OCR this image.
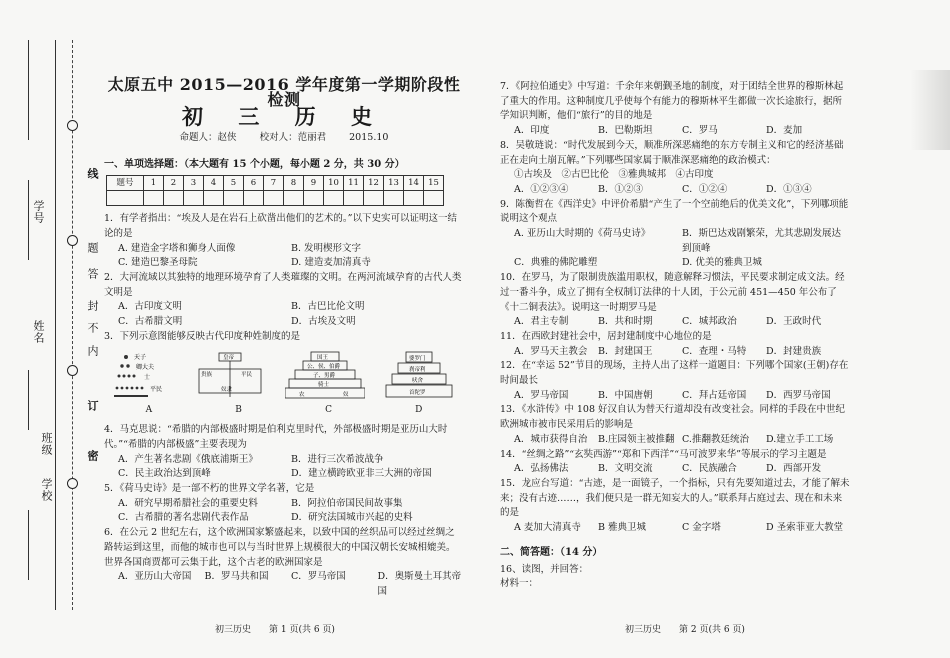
学号
姓名
班级
学校
线
订
密
题
答
封
不
内
太原五中 2015—2016 学年度第一学期阶段性检测
初 三 历 史
命题人：赵侠 校对人：范丽君 2015.10
一、单项选择题：（本大题有 15 个小题，每小题 2 分，共 30 分）
题号	1	2	3	4	5	6	7	8	9	10	11	12	13	14	15

1．有学者指出：“埃及人是在岩石上砍凿出他们的艺术的。”以下史实可以证明这一结论的是
A. 建造金字塔和狮身人面像	B. 发明楔形文字
C. 建造巴黎圣母院	D. 建造麦加清真寺
2．大河流域以其独特的地理环境孕育了人类璀璨的文明。在两河流域孕育的古代人类文明是
A．古印度文明	B．古巴比伦文明
C．古希腊文明	D．古埃及文明
3．下列示意图能够反映古代印度种姓制度的是
天子
卿大夫
士
平民
皇帝
贵族	平民
奴隶
国王
公、侯、伯爵
子、男爵
骑士
农	奴
婆罗门
刹帝利
吠舍
首陀罗
A	B	C	D
4．马克思说：“希腊的内部极盛时期是伯利克里时代，外部极盛时期是亚历山大时代。”“希腊的内部极盛”主要表现为
A．产生著名悲剧《俄底浦斯王》	B．进行三次希波战争
C．民主政治达到顶峰	D．建立横跨欧亚非三大洲的帝国
5．《荷马史诗》是一部不朽的世界文学名著，它是
A．研究早期希腊社会的重要史料	B．阿拉伯帝国民间故事集
C．古希腊的著名悲剧代表作品	D．研究法国城市兴起的史料
6．在公元 2 世纪左右，这个欧洲国家繁盛起来，以致中国的丝织品可以经过丝绸之路转运到这里，而他的城市也可以与当时世界上规模很大的中国汉朝长安城相媲美。世界各国商贾都可云集于此，这个古老的欧洲国家是
A．亚历山大帝国	B．罗马共和国	C．罗马帝国	D．奥斯曼土耳其帝国
7．《阿拉伯通史》中写道：千余年来朝觐圣地的制度，对于团结全世界的穆斯林起了重大的作用。这种制度几乎使每个有能力的穆斯林平生都做一次长途旅行，据所学知识判断，他们“旅行”的目的地是
A．印度	B．巴勒斯坦	C．罗马	D．麦加
8．吴敬琏说：“时代发展到今天，顺准所深恶痛绝的东方专制主义和它的经济基础正在走向土崩瓦解。”下列哪些国家属于顺准深恶痛绝的政治模式：
①古埃及　②古巴比伦　③雅典城邦　④古印度
A．①②③④	B．①②③	C．①②④	D．①③④
9．陈衡哲在《西洋史》中评价希腊“产生了一个空前绝后的优美文化”，下列哪项能说明这个观点
A. 亚历山大时期的《荷马史诗》	B．斯巴达戏剧繁荣，尤其悲剧发展达到顶峰
C．典雅的佛陀雕塑	D. 优美的雅典卫城
10．在罗马，为了限制贵族滥用职权，随意解释习惯法，平民要求制定成文法。经过一番斗争，成立了拥有全权制订法律的十人团，于公元前 451—450 年公布了《十二铜表法》。说明这一时期罗马是
A．君主专制	B．共和时期	C．城邦政治	D．王政时代
11．在西欧封建社会中，居封建制度中心地位的是
A．罗马天主教会	B．封建国王	C．查理・马特	D．封建贵族
12．在“幸运 52”节目的现场，主持人出了这样一道题目：下列哪个国家(王朝)存在时间最长
A．罗马帝国	B．中国唐朝	C．拜占廷帝国	D．西罗马帝国
13．《水浒传》中 108 好汉自认为替天行道却没有改变社会。同样的手段在中世纪欧洲城市被市民采用后的影响是
A．城市获得自治	B.庄园领主被推翻 C.推翻教廷统治	D.建立手工工场
14．“丝绸之路”“玄奘西游”“郑和下西洋”“马可波罗来华”等展示的学习主题是
A．弘扬佛法	B．文明交流	C．民族融合	D．西部开发
15．龙应台写道：“古迹，是一面镜子，一个指标，只有先要知道过去，才能了解未来；没有古迹……，我们便只是一群无知妄大的人。”联系拜占庭过去、现在和未来的是
A 麦加大清真寺	B 雅典卫城	C 金字塔	D 圣索菲亚大教堂
二、简答题：（14 分）
16、读图，并回答：
材料一：
初三历史　　第 1 页(共 6 页)	初三历史　　第 2 页(共 6 页)
